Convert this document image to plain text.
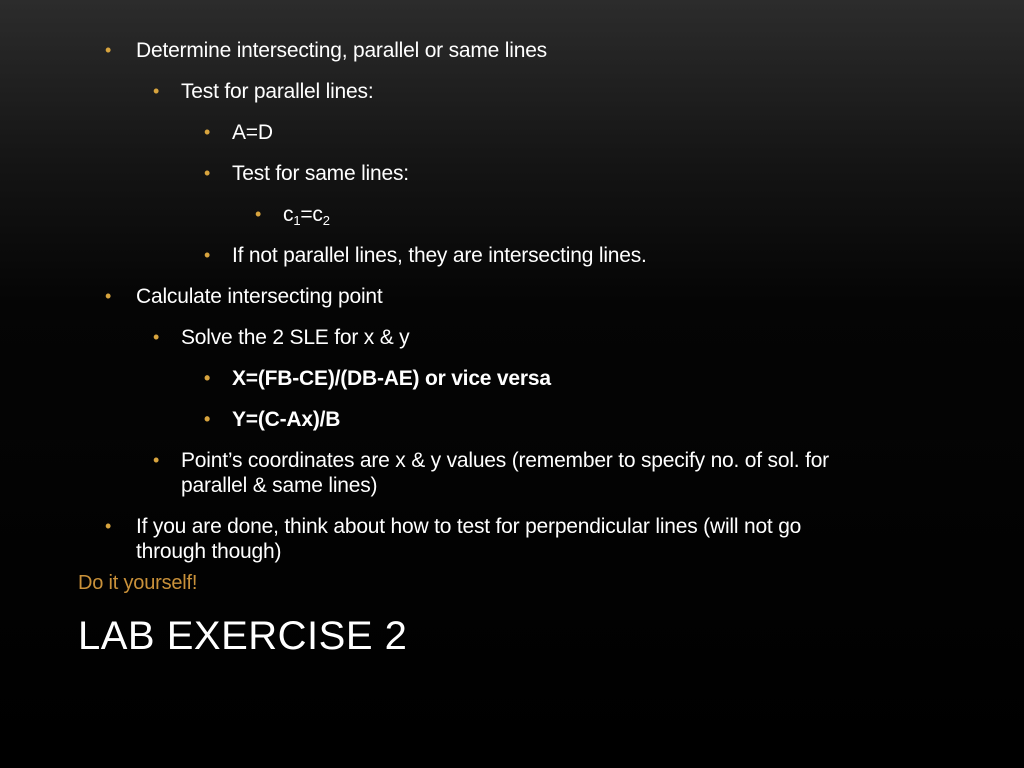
• Determine intersecting, parallel or same lines
• Test for parallel lines:
• A=D
• Test for same lines:
• $c_1=c_2$
• If not parallel lines, they are intersecting lines.
• Calculate intersecting point
• Solve the 2 SLE for x & y
• X=(FB-CE)/(DB-AE) or vice versa
• Y=(C-Ax)/B
• Point’s coordinates are x & y values (remember to specify no. of sol. for
parallel & same lines)
• If you are done, think about how to test for perpendicular lines (will not go
through though)
Do it yourself!
LAB EXERCISE 2
